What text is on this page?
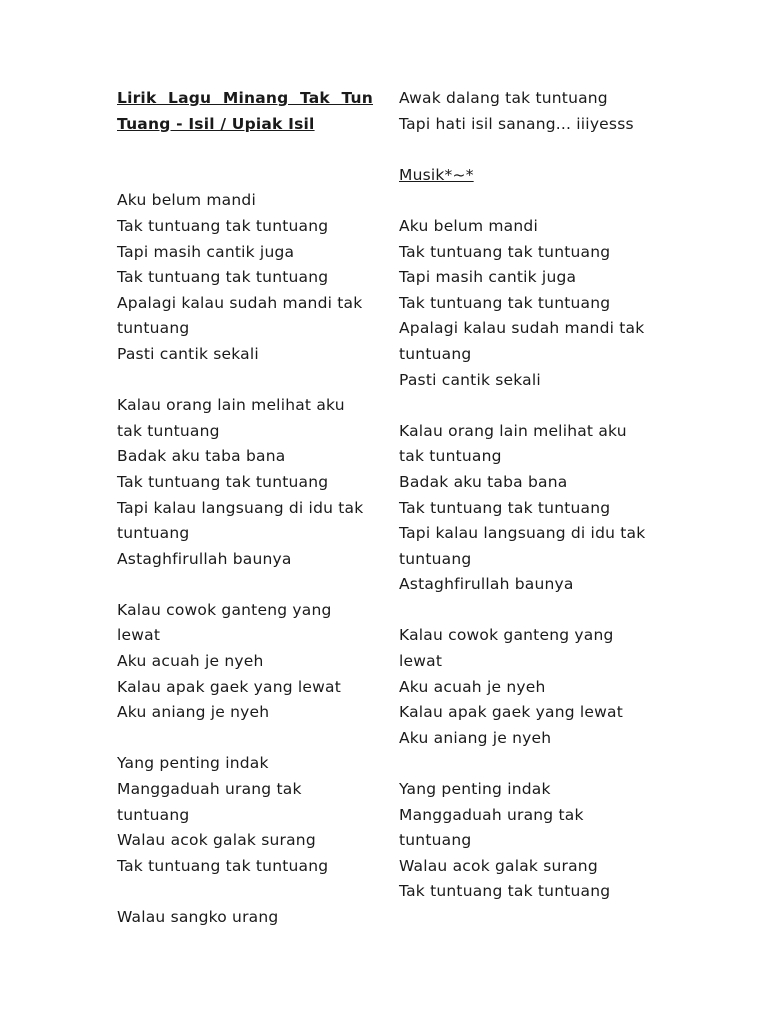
Lirik Lagu Minang Tak Tun
Tuang - Isil / Upiak Isil
Aku belum mandi
Tak tuntuang tak tuntuang
Tapi masih cantik juga
Tak tuntuang tak tuntuang
Apalagi kalau sudah mandi tak
tuntuang
Pasti cantik sekali
Kalau orang lain melihat aku
tak tuntuang
Badak aku taba bana
Tak tuntuang tak tuntuang
Tapi kalau langsuang di idu tak
tuntuang
Astaghfirullah baunya
Kalau cowok ganteng yang
lewat
Aku acuah je nyeh
Kalau apak gaek yang lewat
Aku aniang je nyeh
Yang penting indak
Manggaduah urang tak
tuntuang
Walau acok galak surang
Tak tuntuang tak tuntuang
Walau sangko urang
Awak dalang tak tuntuang
Tapi hati isil sanang... iiiyesss
Musik*~*
Aku belum mandi
Tak tuntuang tak tuntuang
Tapi masih cantik juga
Tak tuntuang tak tuntuang
Apalagi kalau sudah mandi tak
tuntuang
Pasti cantik sekali
Kalau orang lain melihat aku
tak tuntuang
Badak aku taba bana
Tak tuntuang tak tuntuang
Tapi kalau langsuang di idu tak
tuntuang
Astaghfirullah baunya
Kalau cowok ganteng yang
lewat
Aku acuah je nyeh
Kalau apak gaek yang lewat
Aku aniang je nyeh
Yang penting indak
Manggaduah urang tak
tuntuang
Walau acok galak surang
Tak tuntuang tak tuntuang
